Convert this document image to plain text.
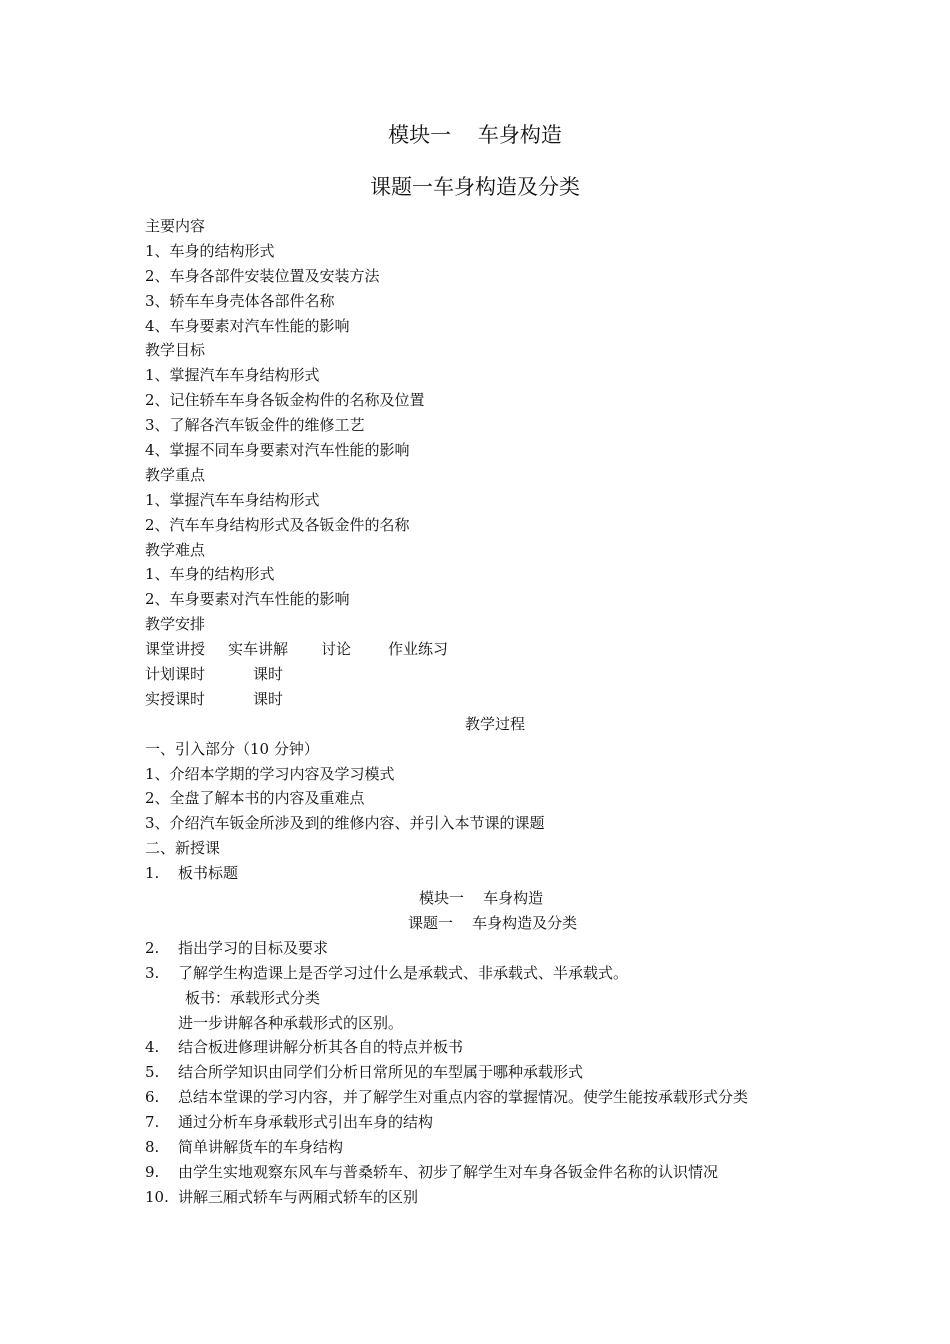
模块一    车身构造
课题一车身构造及分类
主要内容
1、车身的结构形式
2、车身各部件安装位置及安装方法
3、轿车车身壳体各部件名称
4、车身要素对汽车性能的影响
教学目标
1、掌握汽车车身结构形式
2、记住轿车车身各钣金构件的名称及位置
3、了解各汽车钣金件的维修工艺
4、掌握不同车身要素对汽车性能的影响
教学重点
1、掌握汽车车身结构形式
2、汽车车身结构形式及各钣金件的名称
教学难点
1、车身的结构形式
2、车身要素对汽车性能的影响
教学安排
课堂讲授 实车讲解 讨论 作业练习
计划课时	课时
实授课时	课时
教学过程
一、引入部分（10 分钟）
1、介绍本学期的学习内容及学习模式
2、全盘了解本书的内容及重难点
3、介绍汽车钣金所涉及到的维修内容、并引入本节课的课题
二、新授课
1. 板书标题
模块一    车身构造
课题一    车身构造及分类
2. 指出学习的目标及要求
3. 了解学生构造课上是否学习过什么是承载式、非承载式、半承载式。
板书：承载形式分类
进一步讲解各种承载形式的区别。
4. 结合板进修理讲解分析其各自的特点并板书
5. 结合所学知识由同学们分析日常所见的车型属于哪种承载形式
6. 总结本堂课的学习内容，并了解学生对重点内容的掌握情况。使学生能按承载形式分类
7. 通过分析车身承载形式引出车身的结构
8. 简单讲解货车的车身结构
9. 由学生实地观察东风车与普桑轿车、初步了解学生对车身各钣金件名称的认识情况
10. 讲解三厢式轿车与两厢式轿车的区别
